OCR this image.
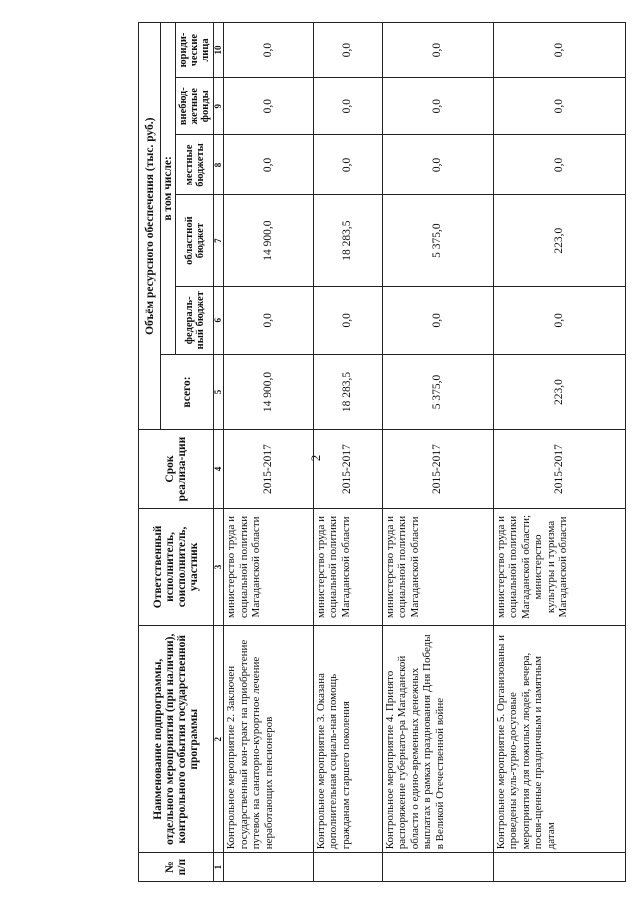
2
№ п/п	Наименование подпрограммы, отдельного мероприятия (при наличии), контрольного события государственной программы	Ответственный исполнитель, соисполнитель, участник	Срок реализа-ции	Объём ресурсного обеспечения (тыс. руб.)					
				всего:	в том числе:				
					федераль-ный бюджет	областной бюджет	местные бюджеты	внебюд-жетные фонды	юриди-ческие лица
1	2	3	4	5	6	7	8	9	10
	Контрольное мероприятие 2. Заключен государственный кон-тракт на приобретение путевок на санаторно-курортное лечение неработающих пенсионеров	министерство труда и социальной политики Магаданской области	2015-2017	14 900,0	0,0	14 900,0	0,0	0,0	0,0
	Контрольное мероприятие 3. Оказана дополнительная социаль-ная помощь гражданам старшего поколения	министерство труда и социальной политики Магаданской области	2015-2017	18 283,5	0,0	18 283,5	0,0	0,0	0,0
	Контрольное мероприятие 4. Принято распоряжение губернато-ра Магаданской области о едино-временных денежных выплатах в рамках празднования Дня Победы в Великой Отечественной войне	министерство труда и социальной политики Магаданской области	2015-2017	5 375,0	0,0	5 375,0	0,0	0,0	0,0
	Контрольное мероприятие 5. Организованы и проведены куль-турно-досуговые мероприятия для пожилых людей, вечера, посвя-щенные праздничным и памятным датам	министерство труда и социальной политики Магаданской области; министерство культуры и туризма Магаданской области	2015-2017	223,0	0,0	223,0	0,0	0,0	0,0
